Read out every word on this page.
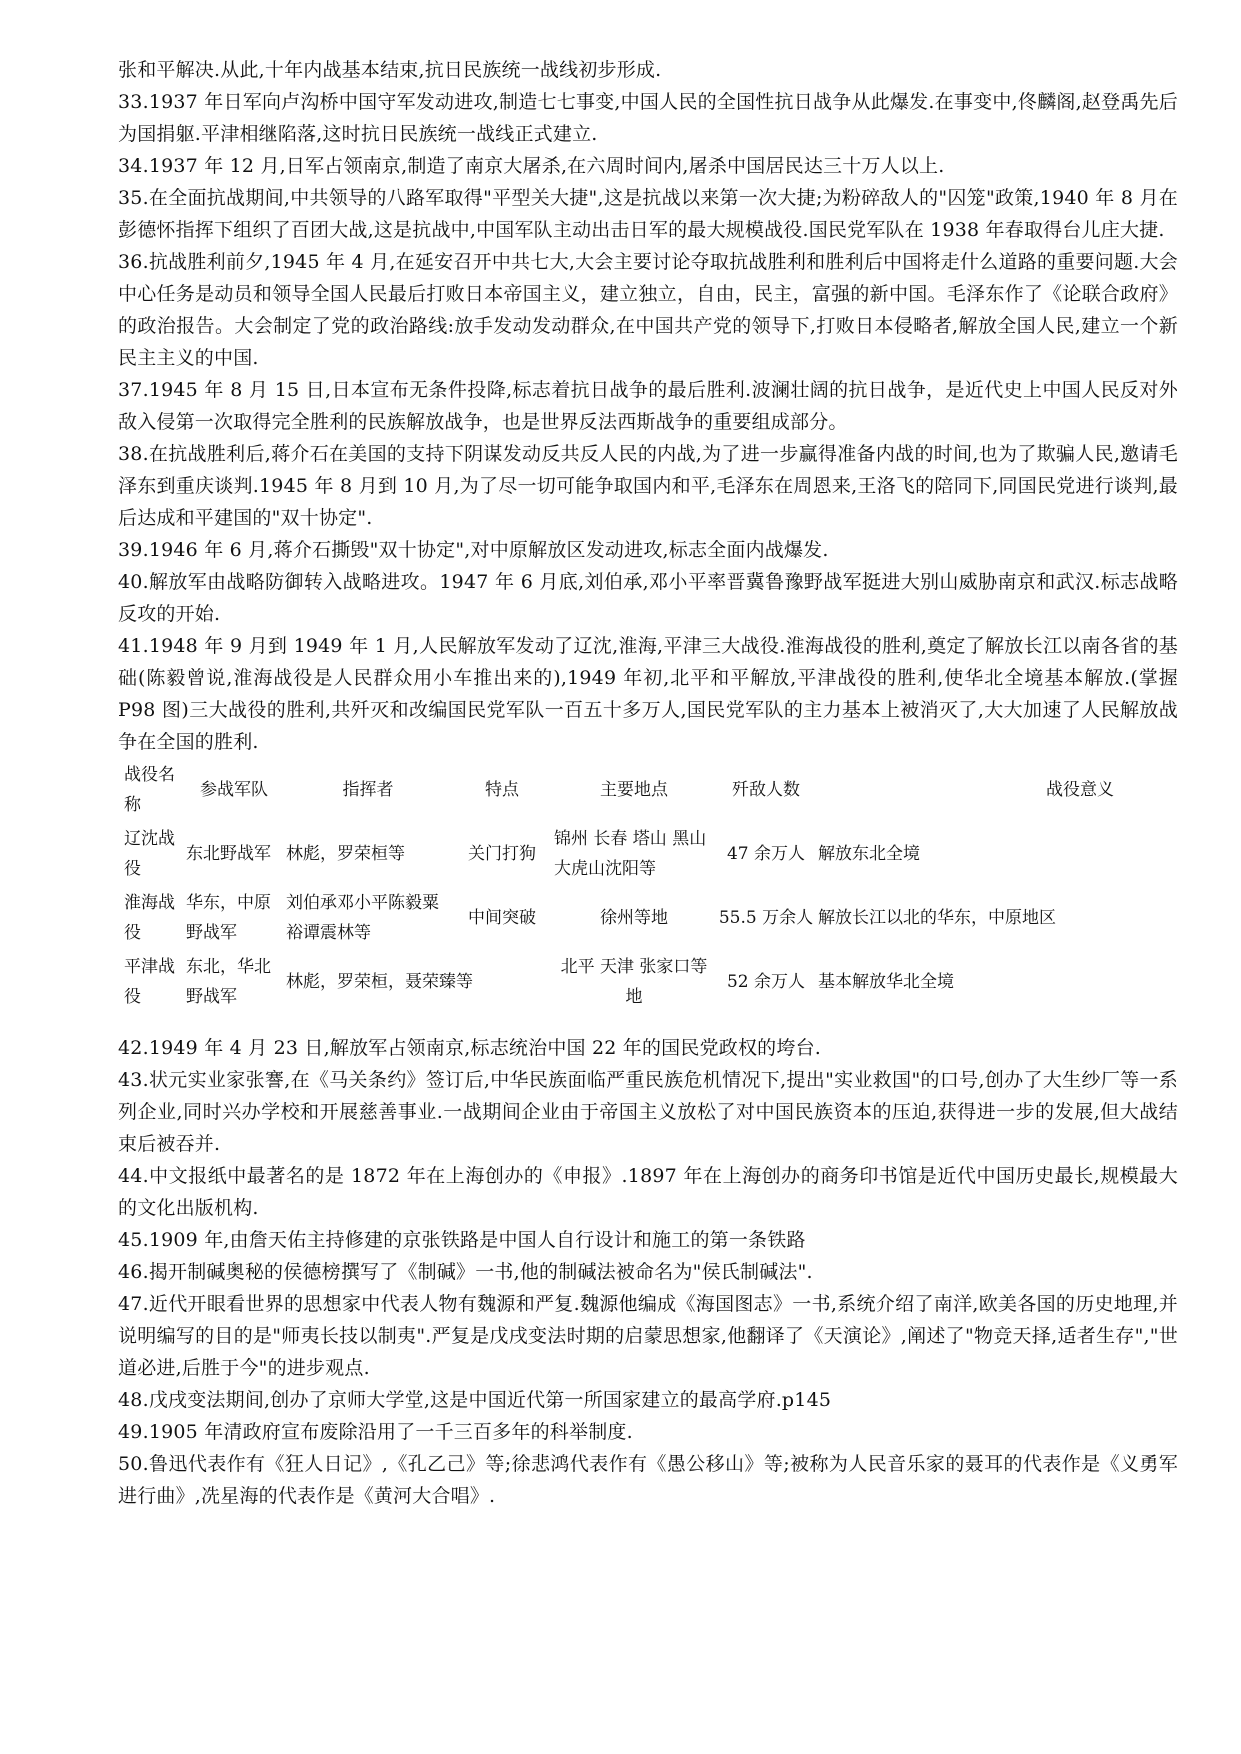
张和平解决.从此,十年内战基本结束,抗日民族统一战线初步形成.

33.1937 年日军向卢沟桥中国守军发动进攻,制造七七事变,中国人民的全国性抗日战争从此爆发.在事变中,佟麟阁,赵登禹先后为国捐躯.平津相继陷落,这时抗日民族统一战线正式建立.

34.1937 年 12 月,日军占领南京,制造了南京大屠杀,在六周时间内,屠杀中国居民达三十万人以上.

35.在全面抗战期间,中共领导的八路军取得"平型关大捷",这是抗战以来第一次大捷;为粉碎敌人的"囚笼"政策,1940 年 8 月在彭德怀指挥下组织了百团大战,这是抗战中,中国军队主动出击日军的最大规模战役.国民党军队在 1938 年春取得台儿庄大捷.

36.抗战胜利前夕,1945 年 4 月,在延安召开中共七大,大会主要讨论夺取抗战胜利和胜利后中国将走什么道路的重要问题.大会中心任务是动员和领导全国人民最后打败日本帝国主义，建立独立，自由，民主，富强的新中国。毛泽东作了《论联合政府》的政治报告。大会制定了党的政治路线:放手发动发动群众,在中国共产党的领导下,打败日本侵略者,解放全国人民,建立一个新民主主义的中国.

37.1945 年 8 月 15 日,日本宣布无条件投降,标志着抗日战争的最后胜利.波澜壮阔的抗日战争，是近代史上中国人民反对外敌入侵第一次取得完全胜利的民族解放战争，也是世界反法西斯战争的重要组成部分。

38.在抗战胜利后,蒋介石在美国的支持下阴谋发动反共反人民的内战,为了进一步赢得准备内战的时间,也为了欺骗人民,邀请毛泽东到重庆谈判.1945 年 8 月到 10 月,为了尽一切可能争取国内和平,毛泽东在周恩来,王洛飞的陪同下,同国民党进行谈判,最后达成和平建国的"双十协定".

39.1946 年 6 月,蒋介石撕毁"双十协定",对中原解放区发动进攻,标志全面内战爆发.

40.解放军由战略防御转入战略进攻。1947 年 6 月底,刘伯承,邓小平率晋冀鲁豫野战军挺进大别山威胁南京和武汉.标志战略反攻的开始.

41.1948 年 9 月到 1949 年 1 月,人民解放军发动了辽沈,淮海,平津三大战役.淮海战役的胜利,奠定了解放长江以南各省的基础(陈毅曾说,淮海战役是人民群众用小车推出来的),1949 年初,北平和平解放,平津战役的胜利,使华北全境基本解放.(掌握 P98 图)三大战役的胜利,共歼灭和改编国民党军队一百五十多万人,国民党军队的主力基本上被消灭了,大大加速了人民解放战争在全国的胜利.

战役名称	参战军队	指挥者	特点	主要地点	歼敌人数	战役意义
辽沈战役	东北野战军	林彪，罗荣桓等	关门打狗	锦州 长春 塔山 黑山 大虎山沈阳等	47 余万人	解放东北全境
淮海战役	华东，中原野战军	刘伯承邓小平陈毅粟裕谭震林等	中间突破	徐州等地	55.5 万余人	解放长江以北的华东，中原地区
平津战役	东北，华北野战军	林彪，罗荣桓，聂荣臻等		北平 天津 张家口等地	52 余万人	基本解放华北全境

42.1949 年 4 月 23 日,解放军占领南京,标志统治中国 22 年的国民党政权的垮台.

43.状元实业家张謇,在《马关条约》签订后,中华民族面临严重民族危机情况下,提出"实业救国"的口号,创办了大生纱厂等一系列企业,同时兴办学校和开展慈善事业.一战期间企业由于帝国主义放松了对中国民族资本的压迫,获得进一步的发展,但大战结束后被吞并.

44.中文报纸中最著名的是 1872 年在上海创办的《申报》.1897 年在上海创办的商务印书馆是近代中国历史最长,规模最大的文化出版机构.

45.1909 年,由詹天佑主持修建的京张铁路是中国人自行设计和施工的第一条铁路

46.揭开制碱奥秘的侯德榜撰写了《制碱》一书,他的制碱法被命名为"侯氏制碱法".

47.近代开眼看世界的思想家中代表人物有魏源和严复.魏源他编成《海国图志》一书,系统介绍了南洋,欧美各国的历史地理,并说明编写的目的是"师夷长技以制夷".严复是戊戌变法时期的启蒙思想家,他翻译了《天演论》,阐述了"物竞天择,适者生存","世道必进,后胜于今"的进步观点.

48.戊戌变法期间,创办了京师大学堂,这是中国近代第一所国家建立的最高学府.p145

49.1905 年清政府宣布废除沿用了一千三百多年的科举制度.

50.鲁迅代表作有《狂人日记》,《孔乙己》等;徐悲鸿代表作有《愚公移山》等;被称为人民音乐家的聂耳的代表作是《义勇军进行曲》,冼星海的代表作是《黄河大合唱》.
